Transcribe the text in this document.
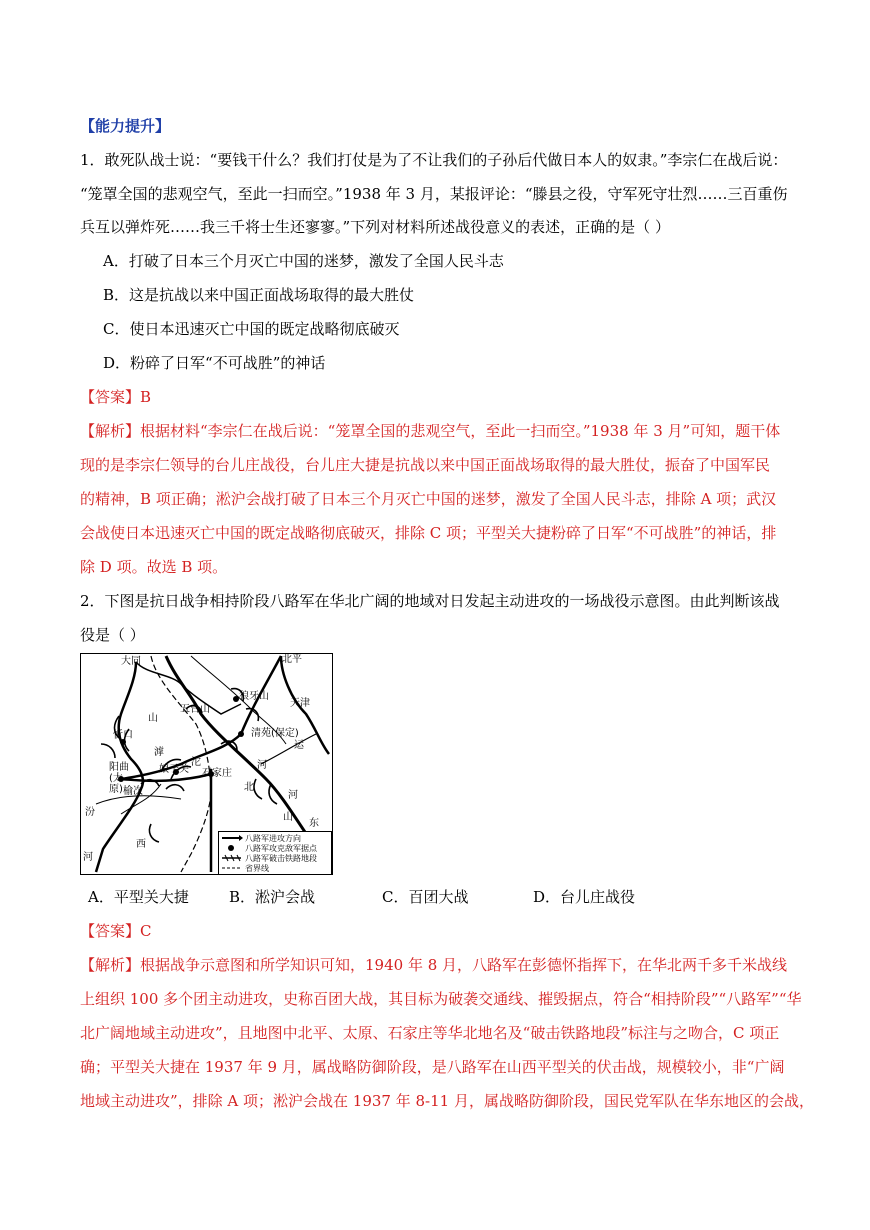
【能力提升】
1．敢死队战士说：“要钱干什么？我们打仗是为了不让我们的子孙后代做日本人的奴隶。”李宗仁在战后说：
“笼罩全国的悲观空气，至此一扫而空。”1938 年 3 月，某报评论：“滕县之役，守军死守壮烈……三百重伤
兵互以弹炸死……我三千将士生还寥寥。”下列对材料所述战役意义的表述，正确的是（ ）
A．打破了日本三个月灭亡中国的迷梦，激发了全国人民斗志
B．这是抗战以来中国正面战场取得的最大胜仗
C．使日本迅速灭亡中国的既定战略彻底破灭
D．粉碎了日军“不可战胜”的神话
【答案】B
【解析】根据材料“李宗仁在战后说：“笼罩全国的悲观空气，至此一扫而空。”1938 年 3 月”可知，题干体
现的是李宗仁领导的台儿庄战役，台儿庄大捷是抗战以来中国正面战场取得的最大胜仗，振奋了中国军民
的精神，B 项正确；淞沪会战打破了日本三个月灭亡中国的迷梦，激发了全国人民斗志，排除 A 项；武汉
会战使日本迅速灭亡中国的既定战略彻底破灭，排除 C 项；平型关大捷粉碎了日军“不可战胜”的神话，排
除 D 项。故选 B 项。
2．下图是抗日战争相持阶段八路军在华北广阔的地域对日发起主动进攻的一场战役示意图。由此判断该战
役是（ ）
大同	北平
狼牙山
五台山
天津
山
忻口
滹
清苑(保定)
运
阳曲(太原)
沱
娘子关 石家庄
河
榆次	北
河
汾	山
东
西
河
八路军进攻方向
八路军攻克敌军据点
八路军破击铁路地段
省界线
A．平型关大捷	B．淞沪会战	C．百团大战	D．台儿庄战役
【答案】C
【解析】根据战争示意图和所学知识可知，1940 年 8 月，八路军在彭德怀指挥下，在华北两千多千米战线
上组织 100 多个团主动进攻，史称百团大战，其目标为破袭交通线、摧毁据点，符合“相持阶段”“八路军”“华
北广阔地域主动进攻”，且地图中北平、太原、石家庄等华北地名及“破击铁路地段”标注与之吻合，C 项正
确；平型关大捷在 1937 年 9 月，属战略防御阶段，是八路军在山西平型关的伏击战，规模较小，非“广阔
地域主动进攻”，排除 A 项；淞沪会战在 1937 年 8-11 月，属战略防御阶段，国民党军队在华东地区的会战，
